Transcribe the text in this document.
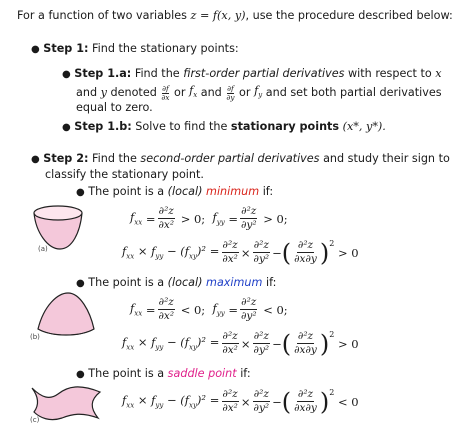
For a function of two variables z = f(x, y), use the procedure described below:
● Step 1: Find the stationary points:
● Step 1.a: Find the first-order partial derivatives with respect to x
and
y
denoted
$\frac{\partial f}{\partial x}$
or
$f_x$
and
$\frac{\partial f}{\partial y}$
or
$f_y$
and set both partial derivatives
equal to zero.
● Step 1.b: Solve to find the stationary points (x*, y*).
● Step 2: Find the second-order partial derivatives and study their sign to
classify the stationary point.
● The point is a (local) minimum if:
(a)
$f_{xx}$
= $\frac{\text{∂²z}}{\text{∂x²}}$
> 0;
$f_{yy}$
= $\frac{\text{∂²z}}{\text{∂y²}}$
> 0;
$f_{xx} \times f_{yy} - (f_{xy})^2 = \frac{\text{∂²z}}{\text{∂x²}} \times \frac{\text{∂²z}}{\text{∂y²}}$ − ( $\frac{\text{∂²z}}{\partial x\partial y} )^2$

> 0
● The point is a (local) maximum if:
(b)
$f_{xx}$
= $\frac{\text{∂²z}}{\text{∂x²}}$
< 0;
$f_{yy}$
= $\frac{\text{∂²z}}{\text{∂y²}}$
< 0;
$f_{xx} \times f_{yy} - (f_{xy})^2 = \frac{\text{∂²z}}{\text{∂x²}} \times \frac{\text{∂²z}}{\text{∂y²}}$ − ( $\frac{\text{∂²z}}{\partial x\partial y} )^2$

> 0
● The point is a saddle point if:
(c)
$f_{xx} \times f_{yy} - (f_{xy})^2 = \frac{\text{∂²z}}{\text{∂x²}} \times \frac{\text{∂²z}}{\text{∂y²}}$ − ( $\frac{\text{∂²z}}{\partial x\partial y} )^2$

< 0
